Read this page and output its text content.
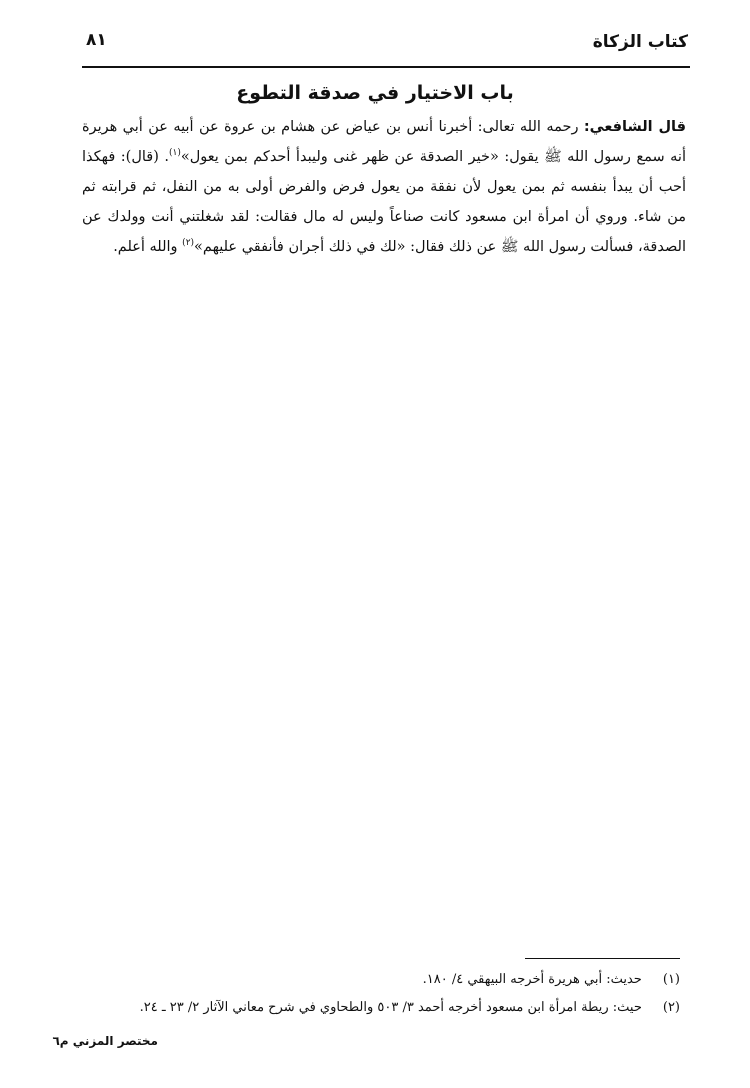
كتاب الزكاة
٨١
باب الاختيار في صدقة التطوع

قال الشافعي: رحمه الله تعالى: أخبرنا أنس بن عياض عن هشام بن عروة عن أبيه عن أبي هريرة أنه سمع رسول الله ﷺ يقول: «خير الصدقة عن ظهر غنى وليبدأ أحدكم بمن يعول»$^{(١)}$. (قال): فهكذا أحب أن يبدأ بنفسه ثم بمن يعول لأن نفقة من يعول فرض والفرض أولى به من النفل، ثم قرابته ثم من شاء. وروي أن امرأة ابن مسعود كانت صناعاً وليس له مال فقالت: لقد شغلتني أنت وولدك عن الصدقة، فسألت رسول الله ﷺ عن ذلك فقال: «لك في ذلك أجران فأنفقي عليهم»$^{(٢)}$ والله أعلم.

(١) حديث: أبي هريرة أخرجه البيهقي ٤/ ١٨٠.
(٢) حيث: ريطة امرأة ابن مسعود أخرجه أحمد ٣/ ٥٠٣ والطحاوي في شرح معاني الآثار ٢/ ٢٣ ـ ٢٤.
مختصر المزني م٦
